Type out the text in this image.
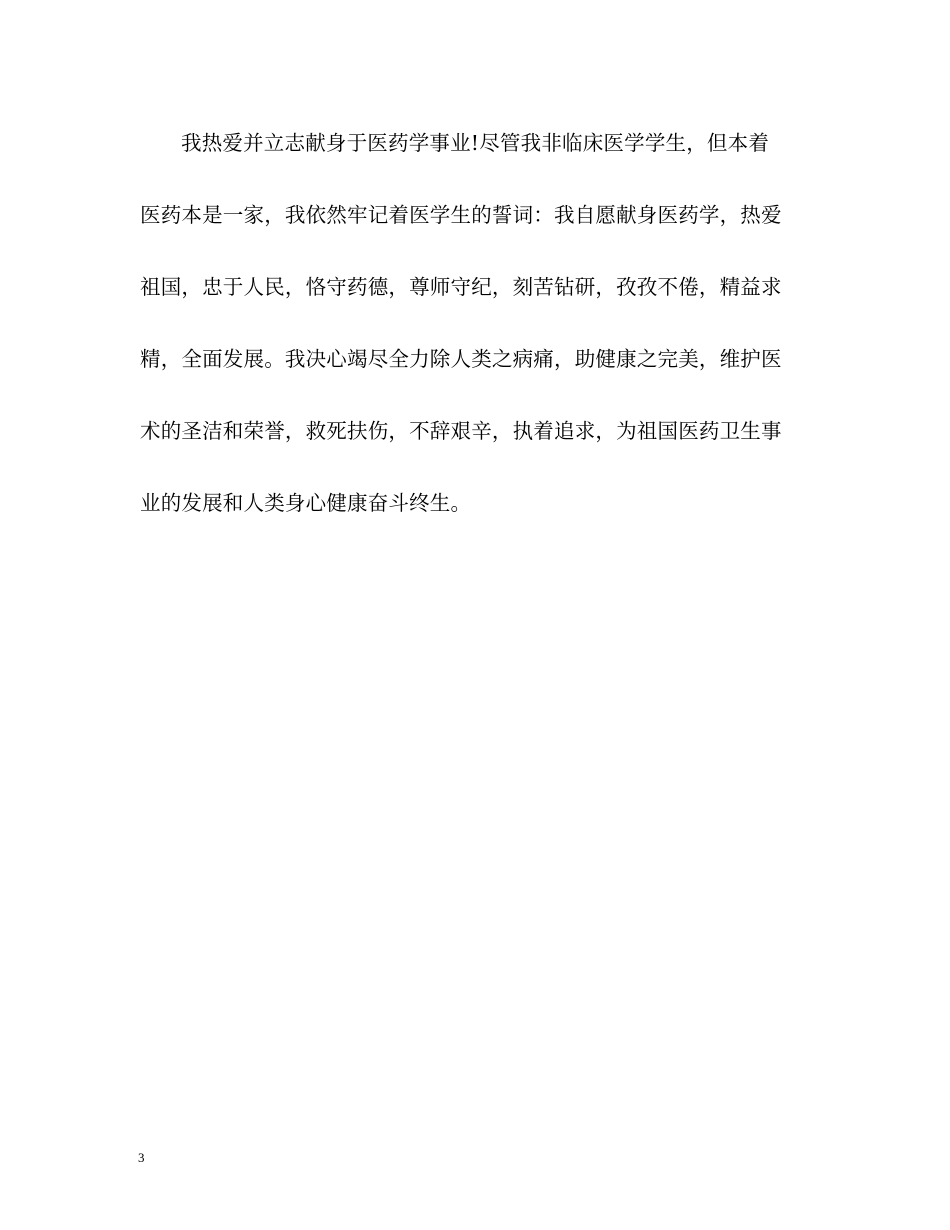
我热爱并立志献身于医药学事业!尽管我非临床医学学生，但本着
医药本是一家，我依然牢记着医学生的誓词：我自愿献身医药学，热爱
祖国，忠于人民，恪守药德，尊师守纪，刻苦钻研，孜孜不倦，精益求
精，全面发展。我决心竭尽全力除人类之病痛，助健康之完美，维护医
术的圣洁和荣誉，救死扶伤，不辞艰辛，执着追求，为祖国医药卫生事
业的发展和人类身心健康奋斗终生。
3
